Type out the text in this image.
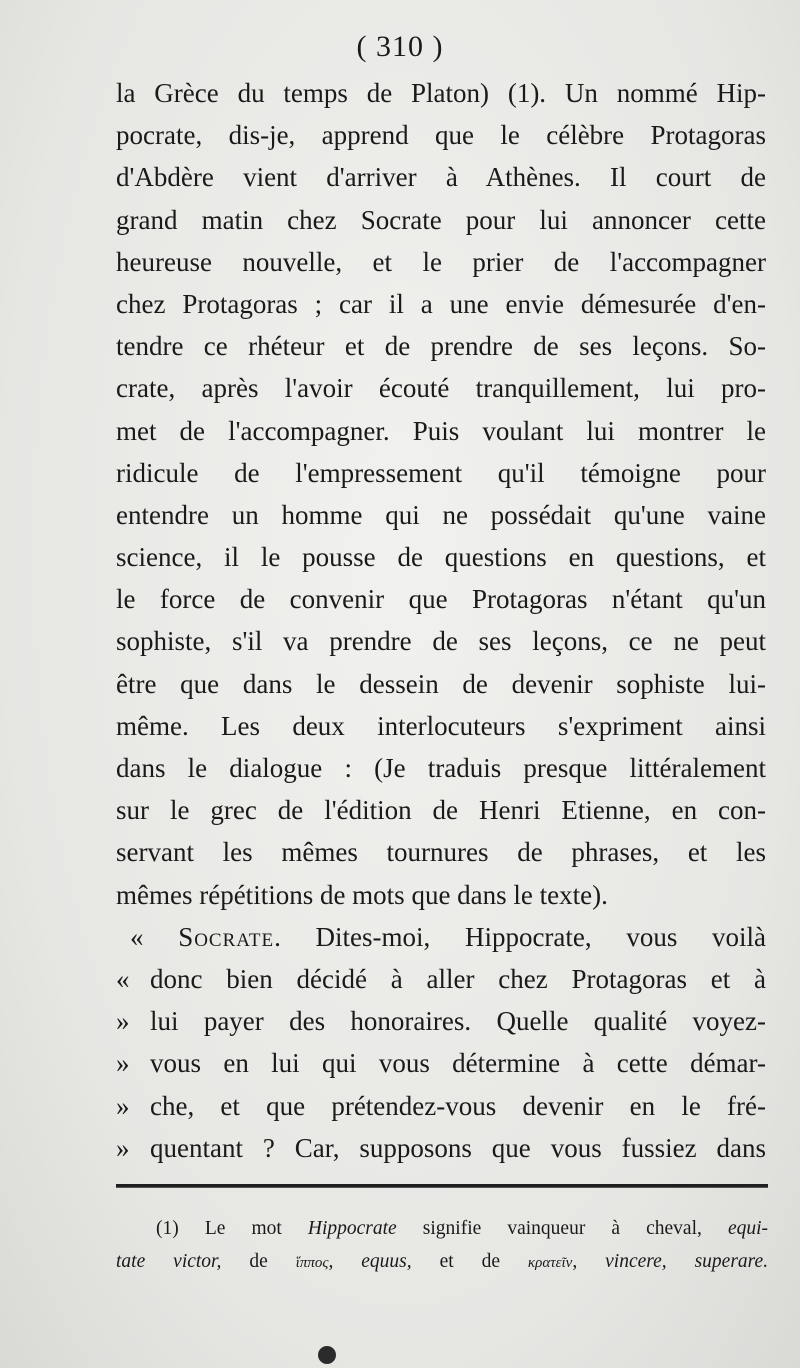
( 310 )
la Grèce du temps de Platon) (1). Un nommé Hip-
pocrate, dis-je, apprend que le célèbre Protagoras
d'Abdère vient d'arriver à Athènes. Il court de
grand matin chez Socrate pour lui annoncer cette
heureuse nouvelle, et le prier de l'accompagner
chez Protagoras ; car il a une envie démesurée d'en-
tendre ce rhéteur et de prendre de ses leçons. So-
crate, après l'avoir écouté tranquillement, lui pro-
met de l'accompagner. Puis voulant lui montrer le
ridicule de l'empressement qu'il témoigne pour
entendre un homme qui ne possédait qu'une vaine
science, il le pousse de questions en questions, et
le force de convenir que Protagoras n'étant qu'un
sophiste, s'il va prendre de ses leçons, ce ne peut
être que dans le dessein de devenir sophiste lui-
même. Les deux interlocuteurs s'expriment ainsi
dans le dialogue : (Je traduis presque littéralement
sur le grec de l'édition de Henri Etienne, en con-
servant les mêmes tournures de phrases, et les
mêmes répétitions de mots que dans le texte).
« Socrate. Dites-moi, Hippocrate, vous voilà
« donc bien décidé à aller chez Protagoras et à
» lui payer des honoraires. Quelle qualité voyez-
» vous en lui qui vous détermine à cette démar-
» che, et que prétendez-vous devenir en le fré-
» quentant ? Car, supposons que vous fussiez dans
(1) Le mot Hippocrate signifie vainqueur à cheval, equi-
tate victor, de ἵππος, equus, et de κρατεῖν, vincere, superare.
